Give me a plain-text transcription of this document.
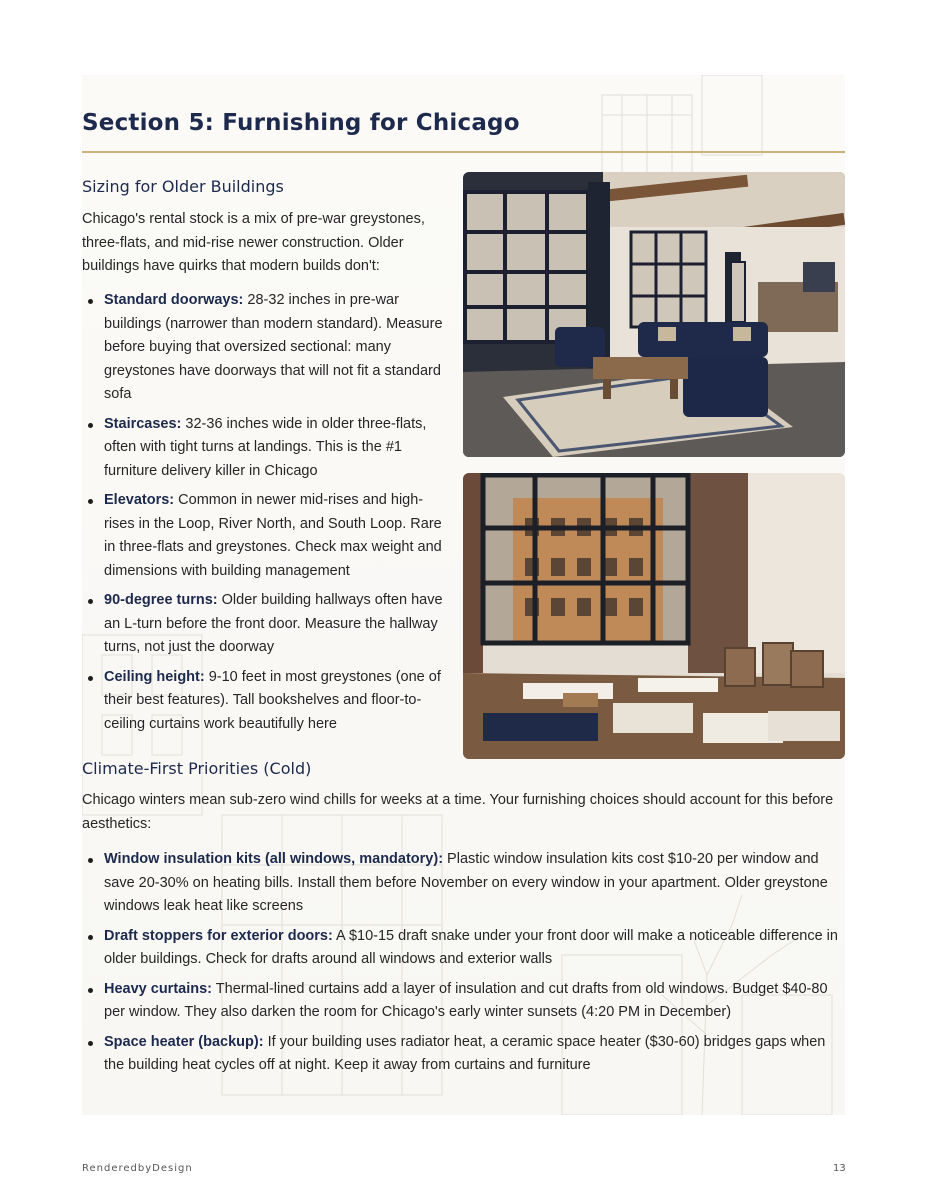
Section 5: Furnishing for Chicago
Sizing for Older Buildings

Chicago's rental stock is a mix of pre-war greystones, three-flats, and mid-rise newer construction. Older buildings have quirks that modern builds don't:

Standard doorways: 28-32 inches in pre-war buildings (narrower than modern standard). Measure before buying that oversized sectional: many greystones have doorways that will not fit a standard sofa
Staircases: 32-36 inches wide in older three-flats, often with tight turns at landings. This is the #1 furniture delivery killer in Chicago
Elevators: Common in newer mid-rises and high-rises in the Loop, River North, and South Loop. Rare in three-flats and greystones. Check max weight and dimensions with building management
90-degree turns: Older building hallways often have an L-turn before the front door. Measure the hallway turns, not just the doorway
Ceiling height: 9-10 feet in most greystones (one of their best features). Tall bookshelves and floor-to-ceiling curtains work beautifully here
Climate-First Priorities (Cold)

Chicago winters mean sub-zero wind chills for weeks at a time. Your furnishing choices should account for this before aesthetics:

Window insulation kits (all windows, mandatory): Plastic window insulation kits cost $10-20 per window and save 20-30% on heating bills. Install them before November on every window in your apartment. Older greystone windows leak heat like screens
Draft stoppers for exterior doors: A $10-15 draft snake under your front door will make a noticeable difference in older buildings. Check for drafts around all windows and exterior walls
Heavy curtains: Thermal-lined curtains add a layer of insulation and cut drafts from old windows. Budget $40-80 per window. They also darken the room for Chicago's early winter sunsets (4:20 PM in December)
Space heater (backup): If your building uses radiator heat, a ceramic space heater ($30-60) bridges gaps when the building heat cycles off at night. Keep it away from curtains and furniture
RenderedbyDesign	13
